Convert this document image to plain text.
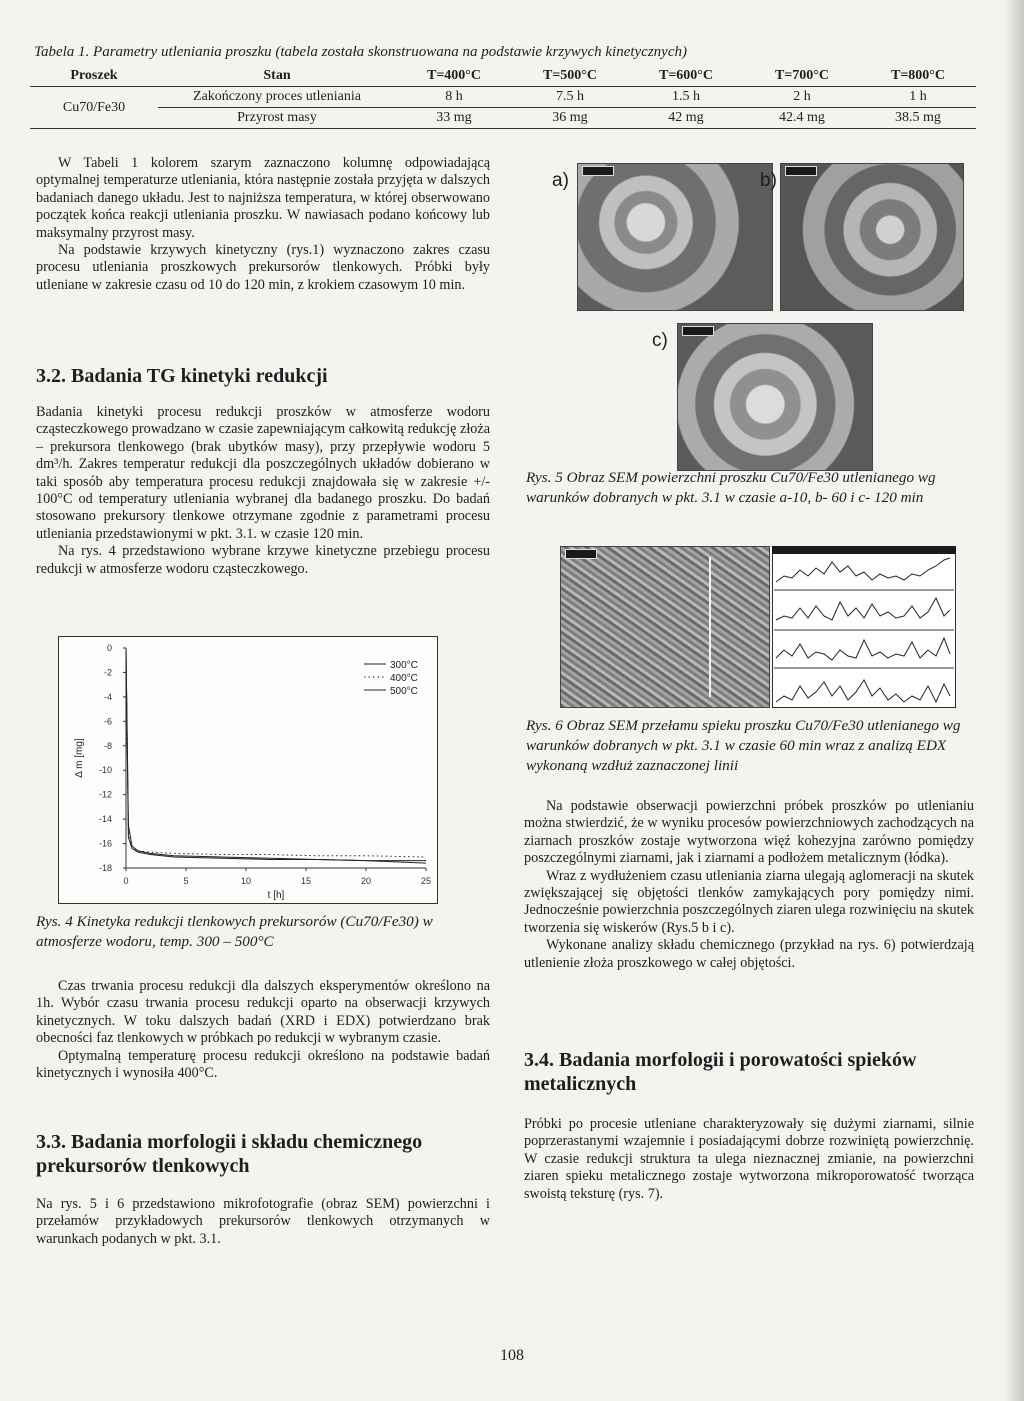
Tabela 1. Parametry utleniania proszku (tabela została skonstruowana na podstawie krzywych kinetycznych)
Proszek	Stan	T=400°C	T=500°C	T=600°C	T=700°C	T=800°C
Cu70/Fe30	Zakończony proces utleniania	8 h	7.5 h	1.5 h	2 h	1 h
	Przyrost masy	33 mg	36 mg	42 mg	42.4 mg	38.5 mg

W Tabeli 1 kolorem szarym zaznaczono kolumnę odpowiadającą optymalnej temperaturze utleniania, która następnie została przyjęta w dalszych badaniach danego układu. Jest to najniższa temperatura, w której obserwowano początek końca reakcji utleniania proszku. W nawiasach podano końcowy lub maksymalny przyrost masy.

Na podstawie krzywych kinetyczny (rys.1) wyznaczono zakres czasu procesu utleniania proszkowych prekursorów tlenkowych. Próbki były utleniane w zakresie czasu od 10 do 120 min, z krokiem czasowym 10 min.

3.2. Badania TG kinetyki redukcji

Badania kinetyki procesu redukcji proszków w atmosferze wodoru cząsteczkowego prowadzano w czasie zapewniającym całkowitą redukcję złoża – prekursora tlenkowego (brak ubytków masy), przy przepływie wodoru 5 dm³/h. Zakres temperatur redukcji dla poszczególnych układów dobierano w taki sposób aby temperatura procesu redukcji znajdowała się w zakresie +/- 100°C od temperatury utleniania wybranej dla badanego proszku. Do badań stosowano prekursory tlenkowe otrzymane zgodnie z parametrami procesu utleniania przedstawionymi w pkt. 3.1. w czasie 120 min.

Na rys. 4 przedstawiono wybrane krzywe kinetyczne przebiegu procesu redukcji w atmosferze wodoru cząsteczkowego.

0
-2
-4
-6
-8
-10
-12
-14
-16
-18
0	5	10	15	20	25
t [h]
Δ m [mg]
300°C
400°C
500°C
Rys. 4 Kinetyka redukcji tlenkowych prekursorów (Cu70/Fe30) w atmosferze wodoru, temp. 300 – 500°C

Czas trwania procesu redukcji dla dalszych eksperymentów określono na 1h. Wybór czasu trwania procesu redukcji oparto na obserwacji krzywych kinetycznych. W toku dalszych badań (XRD i EDX) potwierdzano brak obecności faz tlenkowych w próbkach po redukcji w wybranym czasie.

Optymalną temperaturę procesu redukcji określono na podstawie badań kinetycznych i wynosiła 400°C.

3.3. Badania morfologii i składu chemicznego prekursorów tlenkowych

Na rys. 5 i 6 przedstawiono mikrofotografie (obraz SEM) powierzchni i przełamów przykładowych prekursorów tlenkowych otrzymanych w warunkach podanych w pkt. 3.1.

a)	b)
c)
Rys. 5 Obraz SEM powierzchni proszku Cu70/Fe30 utlenianego wg warunków dobranych w pkt. 3.1 w czasie a-10, b- 60 i c- 120 min
Rys. 6 Obraz SEM przełamu spieku proszku Cu70/Fe30 utlenianego wg warunków dobranych w pkt. 3.1 w czasie 60 min wraz z analizą EDX wykonaną wzdłuż zaznaczonej linii

Na podstawie obserwacji powierzchni próbek proszków po utlenianiu można stwierdzić, że w wyniku procesów powierzchniowych zachodzących na ziarnach proszków zostaje wytworzona więź kohezyjna zarówno pomiędzy poszczególnymi ziarnami, jak i ziarnami a podłożem metalicznym (łódka).

Wraz z wydłużeniem czasu utleniania ziarna ulegają aglomeracji na skutek zwiększającej się objętości tlenków zamykających pory pomiędzy nimi. Jednocześnie powierzchnia poszczególnych ziaren ulega rozwinięciu na skutek tworzenia się wiskerów (Rys.5 b i c).

Wykonane analizy składu chemicznego (przykład na rys. 6) potwierdzają utlenienie złoża proszkowego w całej objętości.

3.4. Badania morfologii i porowatości spieków metalicznych

Próbki po procesie utleniane charakteryzowały się dużymi ziarnami, silnie poprzerastanymi wzajemnie i posiadającymi dobrze rozwiniętą powierzchnię. W czasie redukcji struktura ta ulega nieznacznej zmianie, na powierzchni ziaren spieku metalicznego zostaje wytworzona mikroporowatość tworząca swoistą teksturę (rys. 7).

108
